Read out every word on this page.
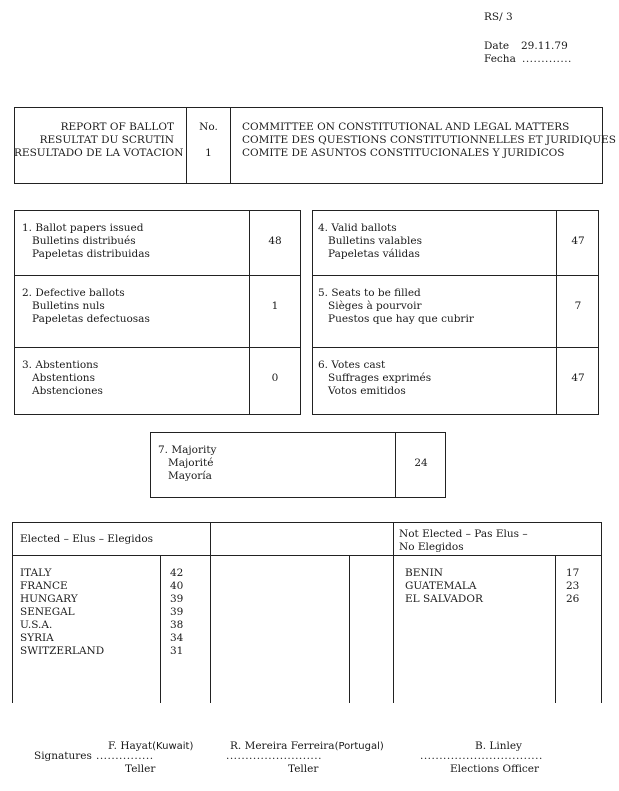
RS/ 3
Date 29.11.79
Fecha .............
REPORT OF BALLOT
RESULTAT DU SCRUTIN
RESULTADO DE LA VOTACION
No.
1
COMMITTEE ON CONSTITUTIONAL AND LEGAL MATTERS
COMITE DES QUESTIONS CONSTITUTIONNELLES ET JURIDIQUES
COMITE DE ASUNTOS CONSTITUCIONALES Y JURIDICOS
1. Ballot papers issued
Bulletins distribués
Papeletas distribuidas
48
2. Defective ballots
Bulletins nuls
Papeletas defectuosas
1
3. Abstentions
Abstentions
Abstenciones
0
4. Valid ballots
Bulletins valables
Papeletas válidas
47
5. Seats to be filled
Sièges à pourvoir
Puestos que hay que cubrir
7
6. Votes cast
Suffrages exprimés
Votos emitidos
47
7. Majority
Majorité
Mayoría
24
Elected – Elus – Elegidos	Not Elected – Pas Elus –
No Elegidos
ITALY
FRANCE
HUNGARY
SENEGAL
U.S.A.
SYRIA
SWITZERLAND
42
40
39
39
38
34
31
BENIN
GUATEMALA
EL SALVADOR
17
23
26
Signatures ...............
F. Hayat(Kuwait)
Teller
.........................
R. Mereira Ferreira(Portugal)
Teller
................................
B. Linley
Elections Officer
